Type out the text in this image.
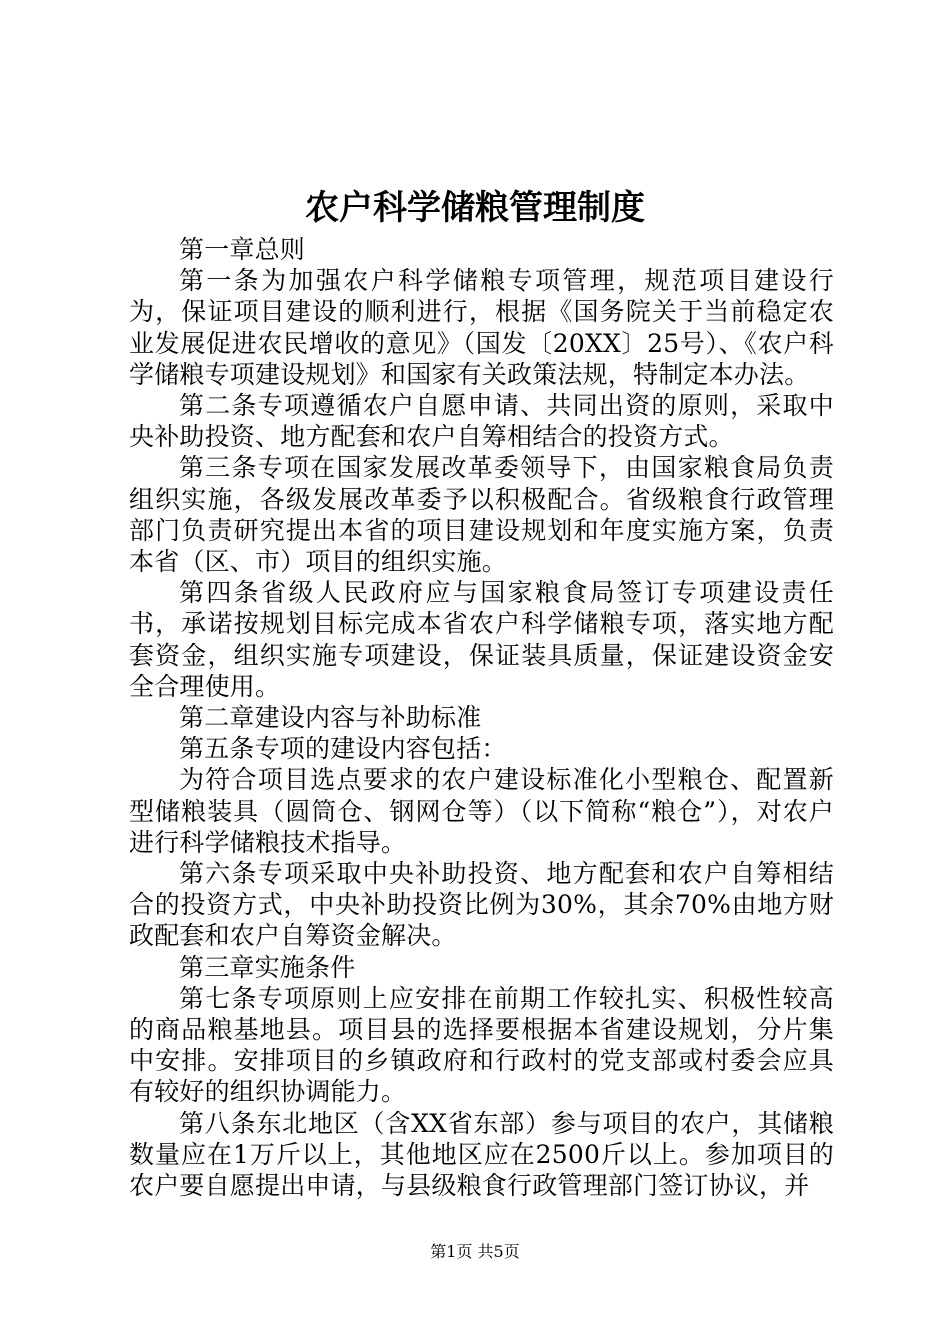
农户科学储粮管理制度

第一章总则

第一条为加强农户科学储粮专项管理，规范项目建设行为，保证项目建设的顺利进行，根据《国务院关于当前稳定农业发展促进农民增收的意见》（国发〔20XX〕25号）、《农户科学储粮专项建设规划》和国家有关政策法规，特制定本办法。

第二条专项遵循农户自愿申请、共同出资的原则，采取中央补助投资、地方配套和农户自筹相结合的投资方式。

第三条专项在国家发展改革委领导下，由国家粮食局负责组织实施，各级发展改革委予以积极配合。省级粮食行政管理部门负责研究提出本省的项目建设规划和年度实施方案，负责本省（区、市）项目的组织实施。

第四条省级人民政府应与国家粮食局签订专项建设责任书，承诺按规划目标完成本省农户科学储粮专项，落实地方配套资金，组织实施专项建设，保证装具质量，保证建设资金安全合理使用。

第二章建设内容与补助标准

第五条专项的建设内容包括：

为符合项目选点要求的农户建设标准化小型粮仓、配置新型储粮装具（圆筒仓、钢网仓等）（以下简称“粮仓”），对农户进行科学储粮技术指导。

第六条专项采取中央补助投资、地方配套和农户自筹相结合的投资方式，中央补助投资比例为30%，其余70%由地方财政配套和农户自筹资金解决。

第三章实施条件

第七条专项原则上应安排在前期工作较扎实、积极性较高的商品粮基地县。项目县的选择要根据本省建设规划，分片集中安排。安排项目的乡镇政府和行政村的党支部或村委会应具有较好的组织协调能力。

第八条东北地区（含XX省东部）参与项目的农户，其储粮数量应在1万斤以上，其他地区应在2500斤以上。参加项目的农户要自愿提出申请，与县级粮食行政管理部门签订协议，并

第1页 共5页
